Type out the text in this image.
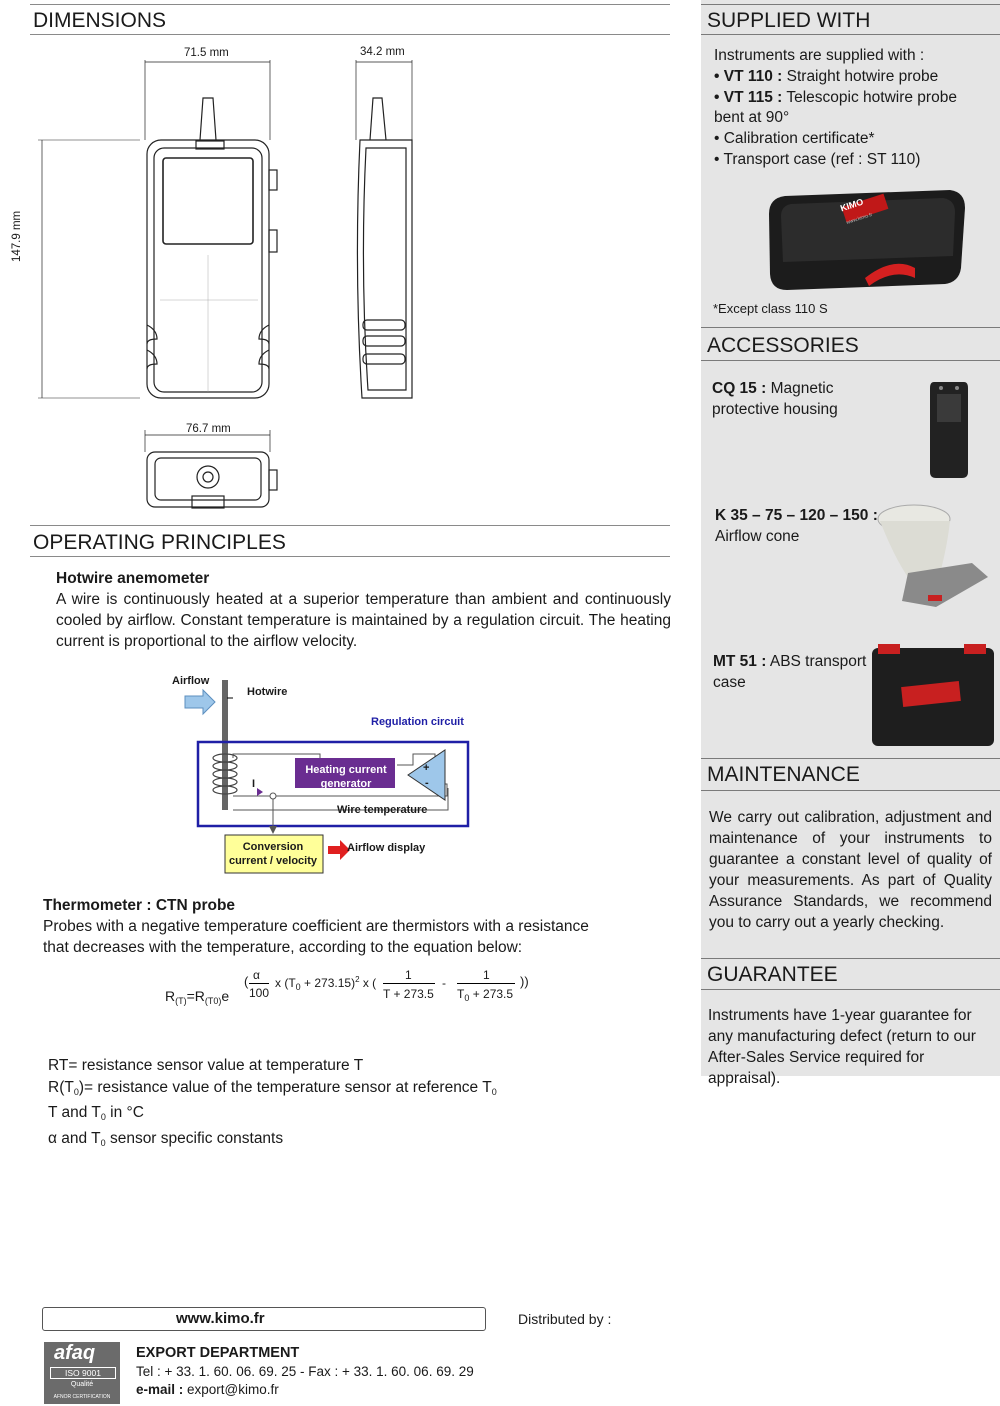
DIMENSIONS
71.5 mm	34.2 mm
147.9 mm
76.7 mm
OPERATING PRINCIPLES
Hotwire anemometer
A wire is continuously heated at a superior temperature than ambient and continuously cooled by airflow. Constant temperature is maintained by a regulation circuit. The heating current is proportional to the airflow velocity.
Airflow
Hotwire
Regulation circuit
Heating current generator
I
+
-
Wire temperature
Conversion current / velocity
Airflow display
Thermometer : CTN probe
Probes with a negative temperature coefficient are thermistors with a resistance that decreases with the temperature, according to the equation below:
$R_{(T)}=R_{(T0)}e$
( α
100
x $(T_0 + 273.15)^2$ x (
1
T + 273.5
-
1
$T_0 + 273.5$
))
RT= resistance sensor value at temperature T
$R(T_0)=$ resistance value of the temperature sensor at reference $T_0$
T and $T_0$ in °C
α and $T_0$ sensor specific constants
SUPPLIED WITH
Instruments are supplied with :
• VT 110 : Straight hotwire probe
• VT 115 : Telescopic hotwire probe bent at 90°
• Calibration certificate*
• Transport case (ref : ST 110)
KIMO
www.kimo.fr
*Except class 110 S
ACCESSORIES
CQ 15 : Magnetic protective housing
K 35 – 75 – 120 – 150 :
Airflow cone
MT 51 : ABS transport case
MAINTENANCE
We carry out calibration, adjustment and maintenance of your instruments to guarantee a constant level of quality of your measurements. As part of Quality Assurance Standards, we recommend you to carry out a yearly checking.
GUARANTEE
Instruments have 1-year guarantee for any manufacturing defect (return to our After-Sales Service required for appraisal).
www.kimo.fr	Distributed by :
afaq
ISO 9001
Qualité
AFNOR CERTIFICATION
EXPORT DEPARTMENT
Tel : + 33. 1. 60. 06. 69. 25 - Fax : + 33. 1. 60. 06. 69. 29
e-mail : export@kimo.fr
